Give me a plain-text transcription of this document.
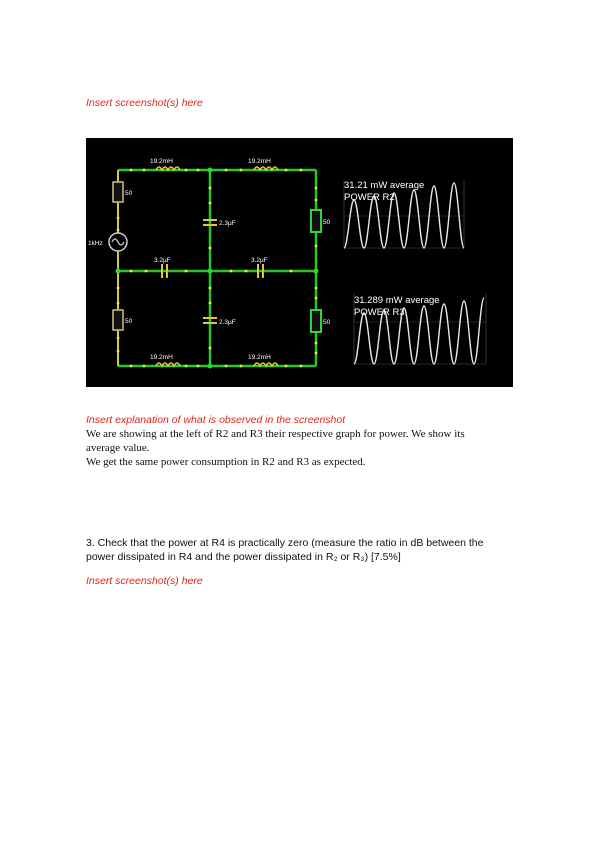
Insert screenshot(s) here
19.2mH	19.2mH
19.2mH	19.2mH
2.3µF
2.3µF
3.2µF	3.2µF
50
50
50
50
1kHz
31.21 mW average
POWER R2
31.289 mW average
POWER R3
Insert explanation of what is observed in the screenshot
We are showing at the left of R2 and R3 their respective graph for power. We show its
average value.
We get the same power consumption in R2 and R3 as expected.
3. Check that the power at R4 is practically zero (measure the ratio in dB between the
power dissipated in R4 and the power dissipated in R₂ or R₃) [7.5%]
Insert screenshot(s) here
